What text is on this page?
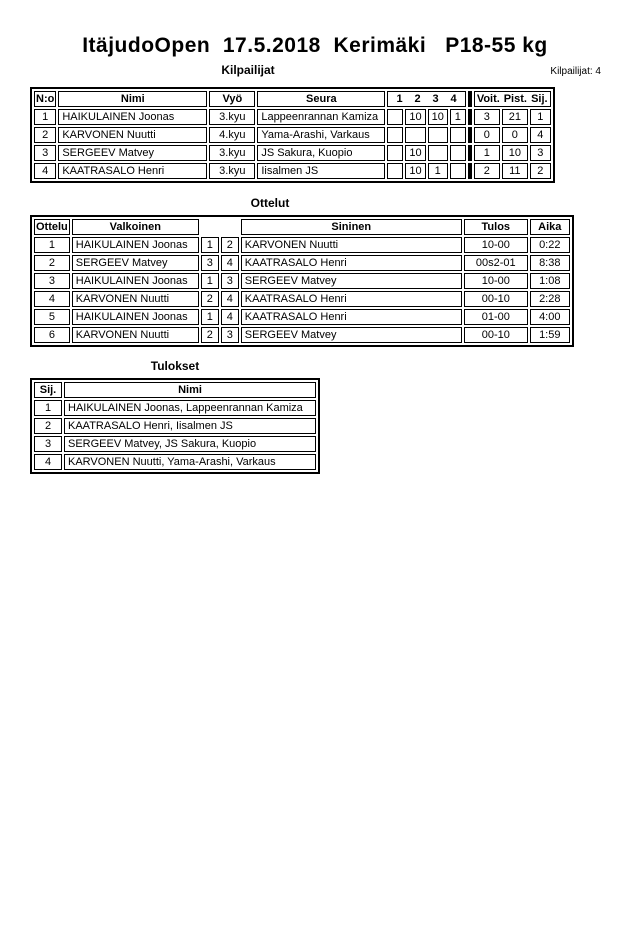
ItäjudoOpen  17.5.2018  Kerimäki   P18-55 kg
Kilpailijat	Kilpailijat: 4
N:o	Nimi	Vyö	Seura	1 2 3 4					Voit. Pist. Sij.		

1	HAIKULAINEN Joonas	3.kyu	Lappeenrannan Kamiza		10	10	1		3	21	1
2	KARVONEN Nuutti	4.kyu	Yama-Arashi, Varkaus						0	0	4
3	SERGEEV Matvey	3.kyu	JS Sakura, Kuopio		10				1	10	3
4	KAATRASALO Henri	3.kyu	Iisalmen JS		10	1			2	11	2
Ottelut
Ottelu	Valkoinen			Sininen	Tulos	Aika
1	HAIKULAINEN Joonas	1	2	KARVONEN Nuutti	10-00	0:22
2	SERGEEV Matvey	3	4	KAATRASALO Henri	00s2-01	8:38
3	HAIKULAINEN Joonas	1	3	SERGEEV Matvey	10-00	1:08
4	KARVONEN Nuutti	2	4	KAATRASALO Henri	00-10	2:28
5	HAIKULAINEN Joonas	1	4	KAATRASALO Henri	01-00	4:00
6	KARVONEN Nuutti	2	3	SERGEEV Matvey	00-10	1:59
Tulokset
Sij.	Nimi
1	HAIKULAINEN Joonas, Lappeenrannan Kamiza
2	KAATRASALO Henri, Iisalmen JS
3	SERGEEV Matvey, JS Sakura, Kuopio
4	KARVONEN Nuutti, Yama-Arashi, Varkaus
